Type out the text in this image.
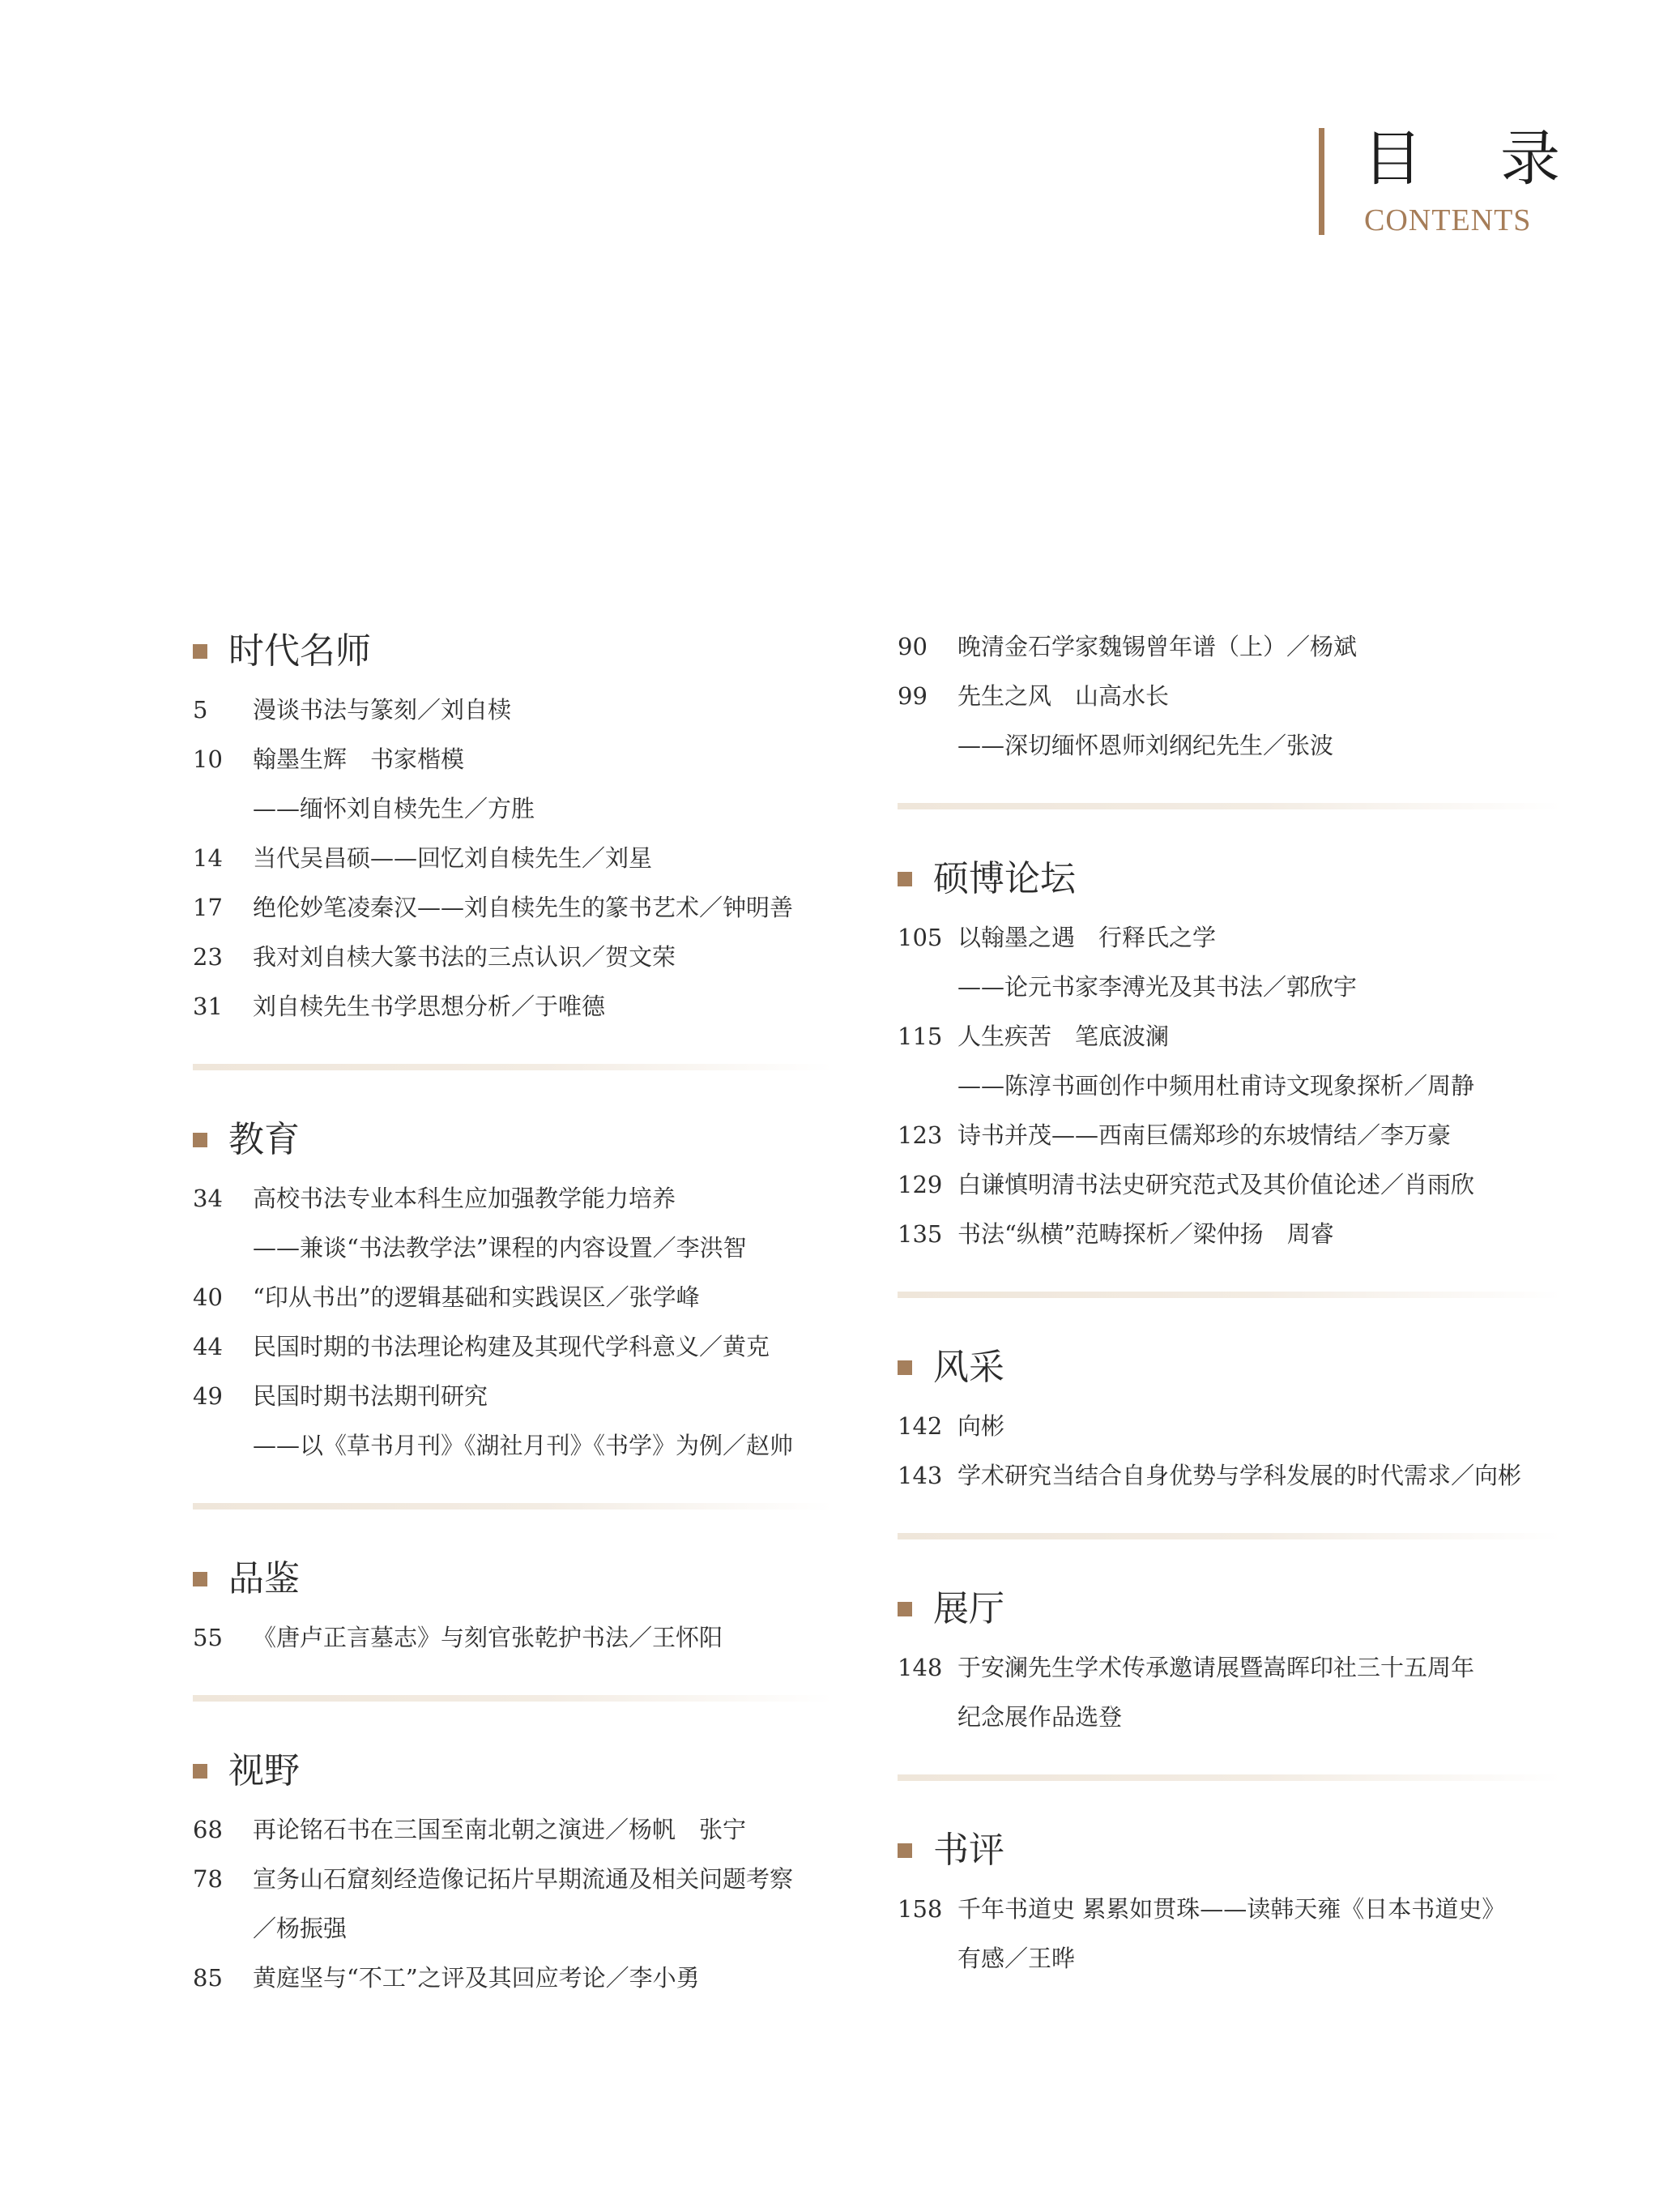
目录
CONTENTS
时代名师
5	漫谈书法与篆刻／刘自椟
10	翰墨生辉　书家楷模
——缅怀刘自椟先生／方胜
14	当代吴昌硕——回忆刘自椟先生／刘星
17	绝伦妙笔凌秦汉——刘自椟先生的篆书艺术／钟明善
23	我对刘自椟大篆书法的三点认识／贺文荣
31	刘自椟先生书学思想分析／于唯德
教育
34	高校书法专业本科生应加强教学能力培养
——兼谈“书法教学法”课程的内容设置／李洪智
40	“印从书出”的逻辑基础和实践误区／张学峰
44	民国时期的书法理论构建及其现代学科意义／黄克
49	民国时期书法期刊研究
——以《草书月刊》《湖社月刊》《书学》为例／赵帅
品鉴
55	《唐卢正言墓志》与刻官张乾护书法／王怀阳
视野
68	再论铭石书在三国至南北朝之演进／杨帆　张宁
78	宣务山石窟刻经造像记拓片早期流通及相关问题考察
／杨振强
85	黄庭坚与“不工”之评及其回应考论／李小勇
90	晚清金石学家魏锡曾年谱（上）／杨斌
99	先生之风　山高水长
——深切缅怀恩师刘纲纪先生／张波
硕博论坛
105 以翰墨之遇　行释氏之学
——论元书家李溥光及其书法／郭欣宇
115 人生疾苦　笔底波澜
——陈淳书画创作中频用杜甫诗文现象探析／周静
123 诗书并茂——西南巨儒郑珍的东坡情结／李万豪
129 白谦慎明清书法史研究范式及其价值论述／肖雨欣
135 书法“纵横”范畴探析／梁仲扬　周睿
风采
142 向彬
143 学术研究当结合自身优势与学科发展的时代需求／向彬
展厅
148 于安澜先生学术传承邀请展暨嵩晖印社三十五周年
纪念展作品选登
书评
158 千年书道史 累累如贯珠——读韩天雍《日本书道史》
有感／王晔
